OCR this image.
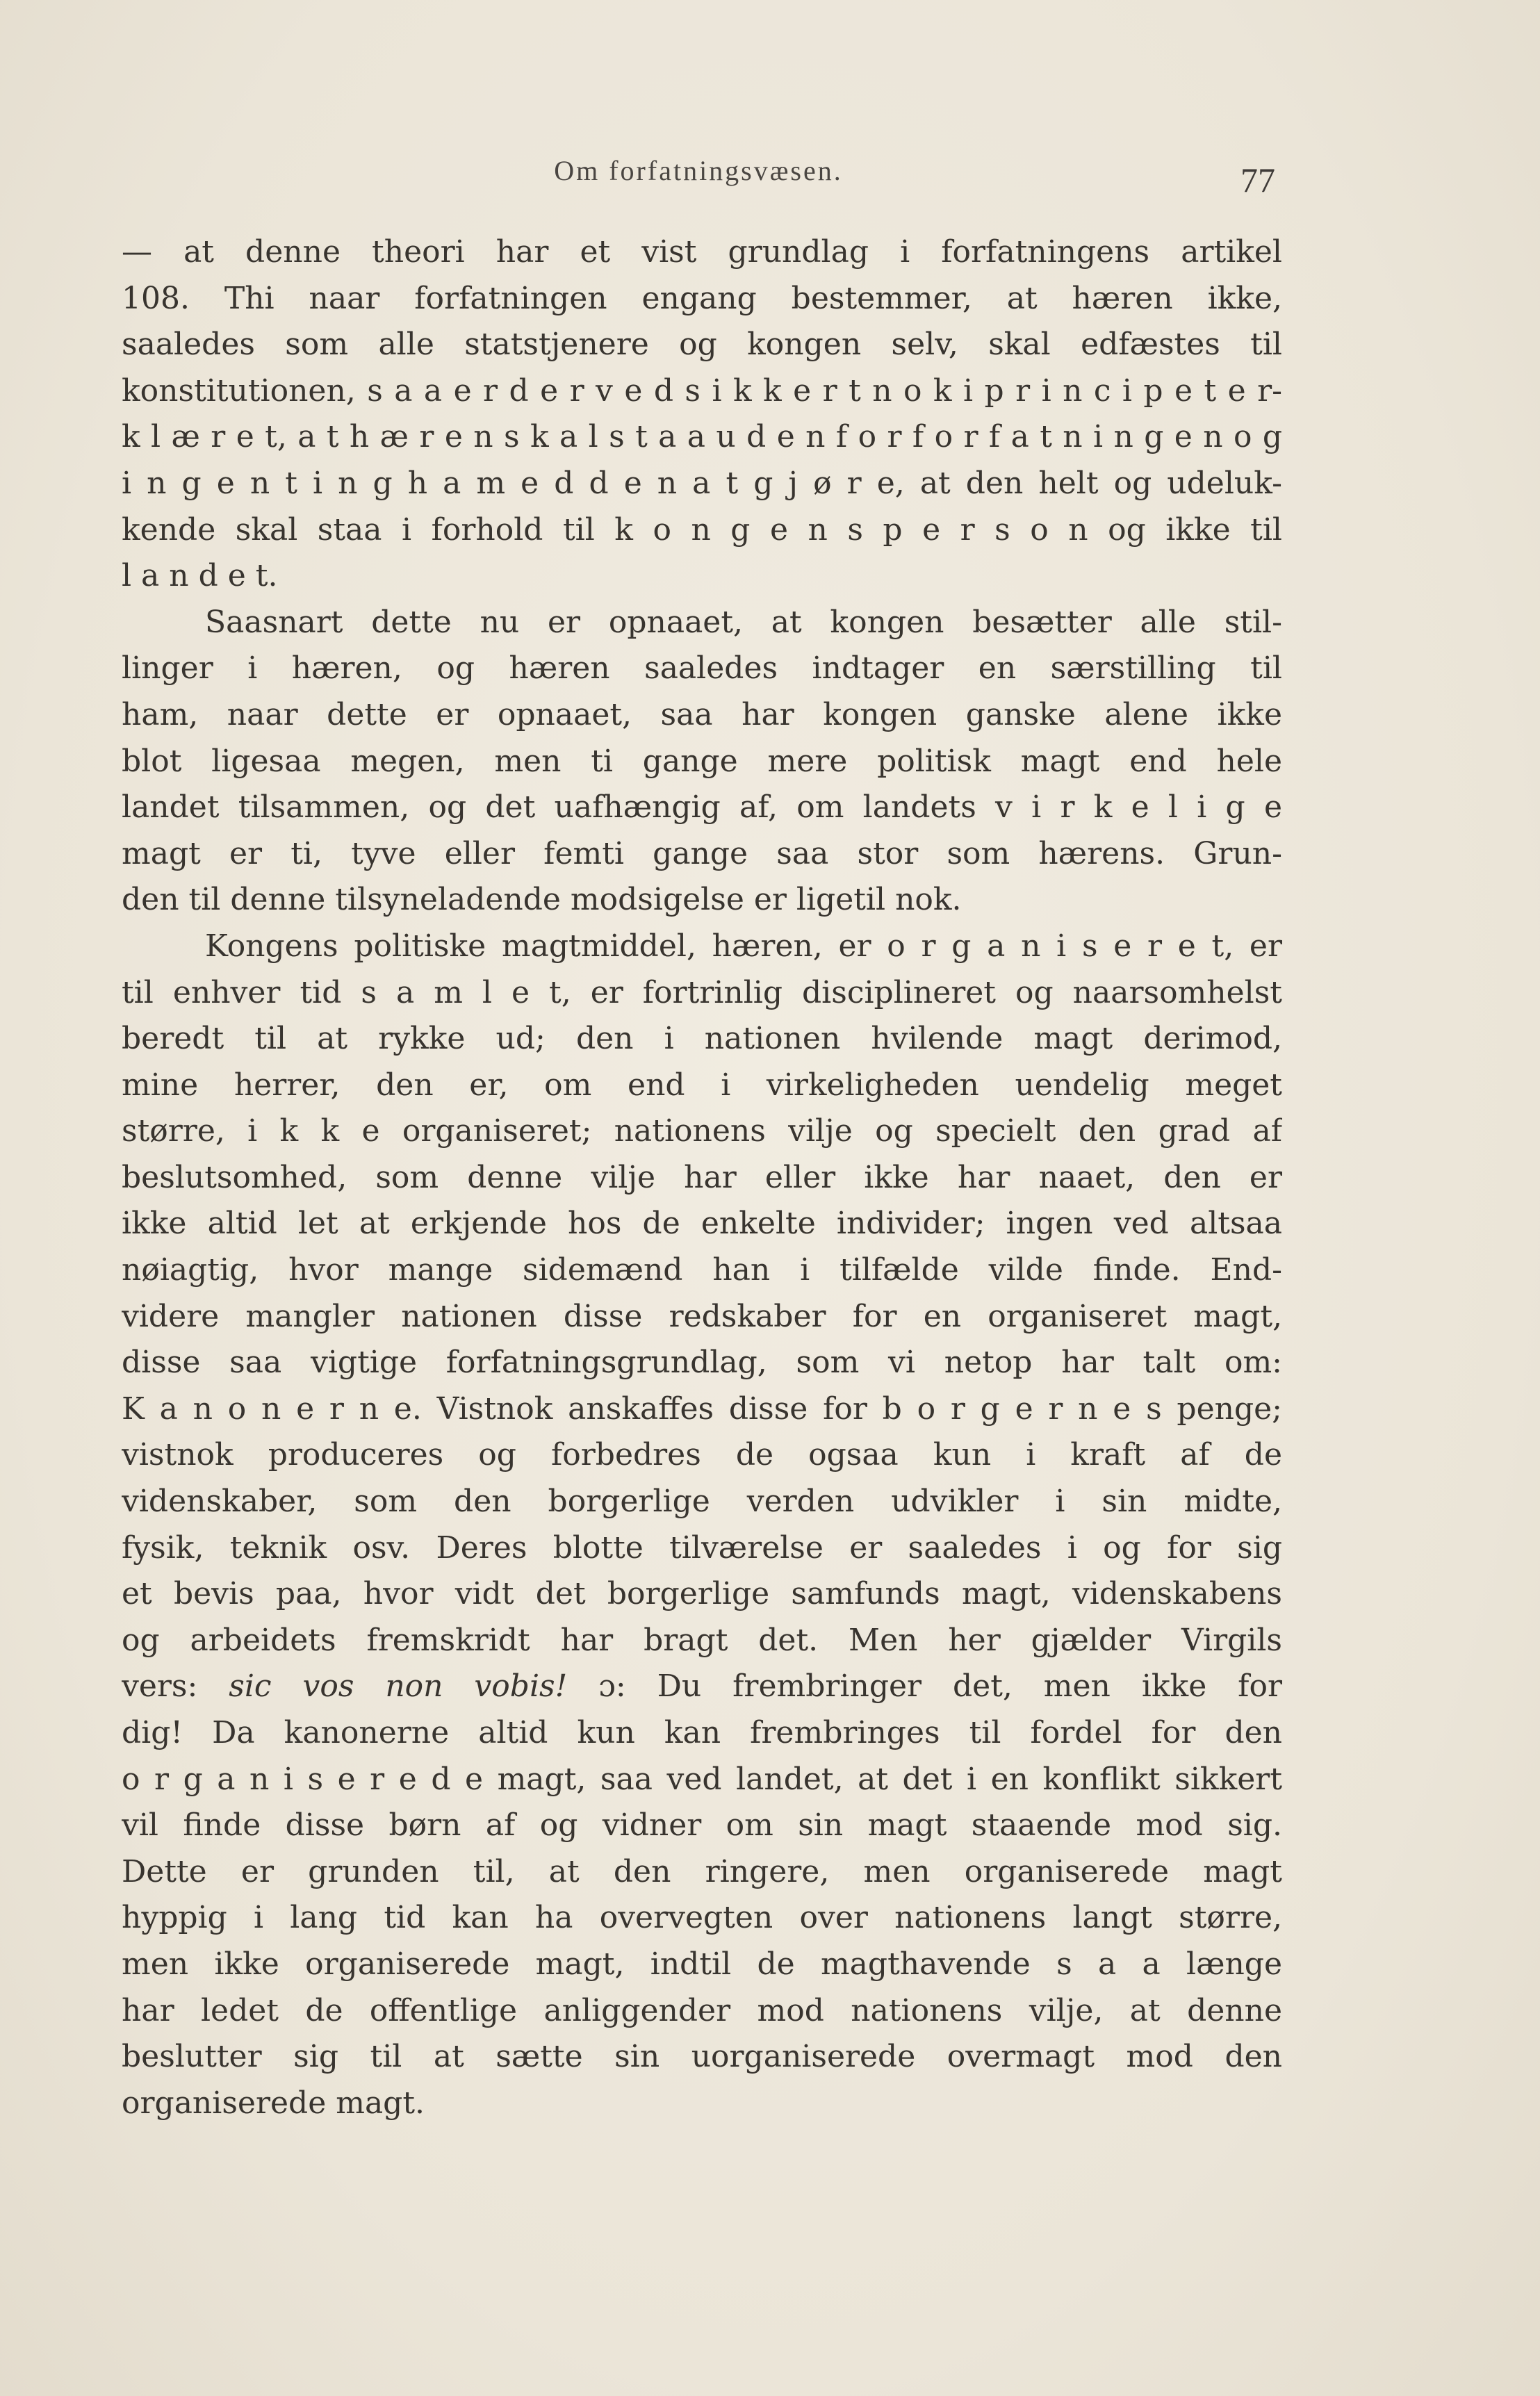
Om forfatningsvæsen.	77
— at denne theori har et vist grundlag i forfatningens artikel
108. Thi naar forfatningen engang bestemmer, at hæren ikke,
saaledes som alle statstjenere og kongen selv, skal edfæstes til
konstitutionen, s a a e r d e r v e d s i k k e r t n o k i p r i n c i p e t e r-
k l æ r e t, a t h æ r e n s k a l s t a a u d e n f o r f o r f a t n i n g e n o g
i n g e n t i n g h a m e d d e n a t g j ø r e, at den helt og udeluk-
kende skal staa i forhold til k o n g e n s p e r s o n og ikke til
l a n d e t.
Saasnart dette nu er opnaaet, at kongen besætter alle stil-
linger i hæren, og hæren saaledes indtager en særstilling til
ham, naar dette er opnaaet, saa har kongen ganske alene ikke
blot ligesaa megen, men ti gange mere politisk magt end hele
landet tilsammen, og det uafhængig af, om landets v i r k e l i g e
magt er ti, tyve eller femti gange saa stor som hærens. Grun-
den til denne tilsyneladende modsigelse er ligetil nok.
Kongens politiske magtmiddel, hæren, er o r g a n i s e r e t, er
til enhver tid s a m l e t, er fortrinlig disciplineret og naarsomhelst
beredt til at rykke ud; den i nationen hvilende magt derimod,
mine herrer, den er, om end i virkeligheden uendelig meget
større, i k k e organiseret; nationens vilje og specielt den grad af
beslutsomhed, som denne vilje har eller ikke har naaet, den er
ikke altid let at erkjende hos de enkelte individer; ingen ved altsaa
nøiagtig, hvor mange sidemænd han i tilfælde vilde finde. End-
videre mangler nationen disse redskaber for en organiseret magt,
disse saa vigtige forfatningsgrundlag, som vi netop har talt om:
K a n o n e r n e. Vistnok anskaffes disse for b o r g e r n e s penge;
vistnok produceres og forbedres de ogsaa kun i kraft af de
videnskaber, som den borgerlige verden udvikler i sin midte,
fysik, teknik osv. Deres blotte tilværelse er saaledes i og for sig
et bevis paa, hvor vidt det borgerlige samfunds magt, videnskabens
og arbeidets fremskridt har bragt det. Men her gjælder Virgils
vers: sic vos non vobis! ɔ: Du frembringer det, men ikke for
dig! Da kanonerne altid kun kan frembringes til fordel for den
o r g a n i s e r e d e magt, saa ved landet, at det i en konflikt sikkert
vil finde disse børn af og vidner om sin magt staaende mod sig.
Dette er grunden til, at den ringere, men organiserede magt
hyppig i lang tid kan ha overvegten over nationens langt større,
men ikke organiserede magt, indtil de magthavende s a a længe
har ledet de offentlige anliggender mod nationens vilje, at denne
beslutter sig til at sætte sin uorganiserede overmagt mod den
organiserede magt.
